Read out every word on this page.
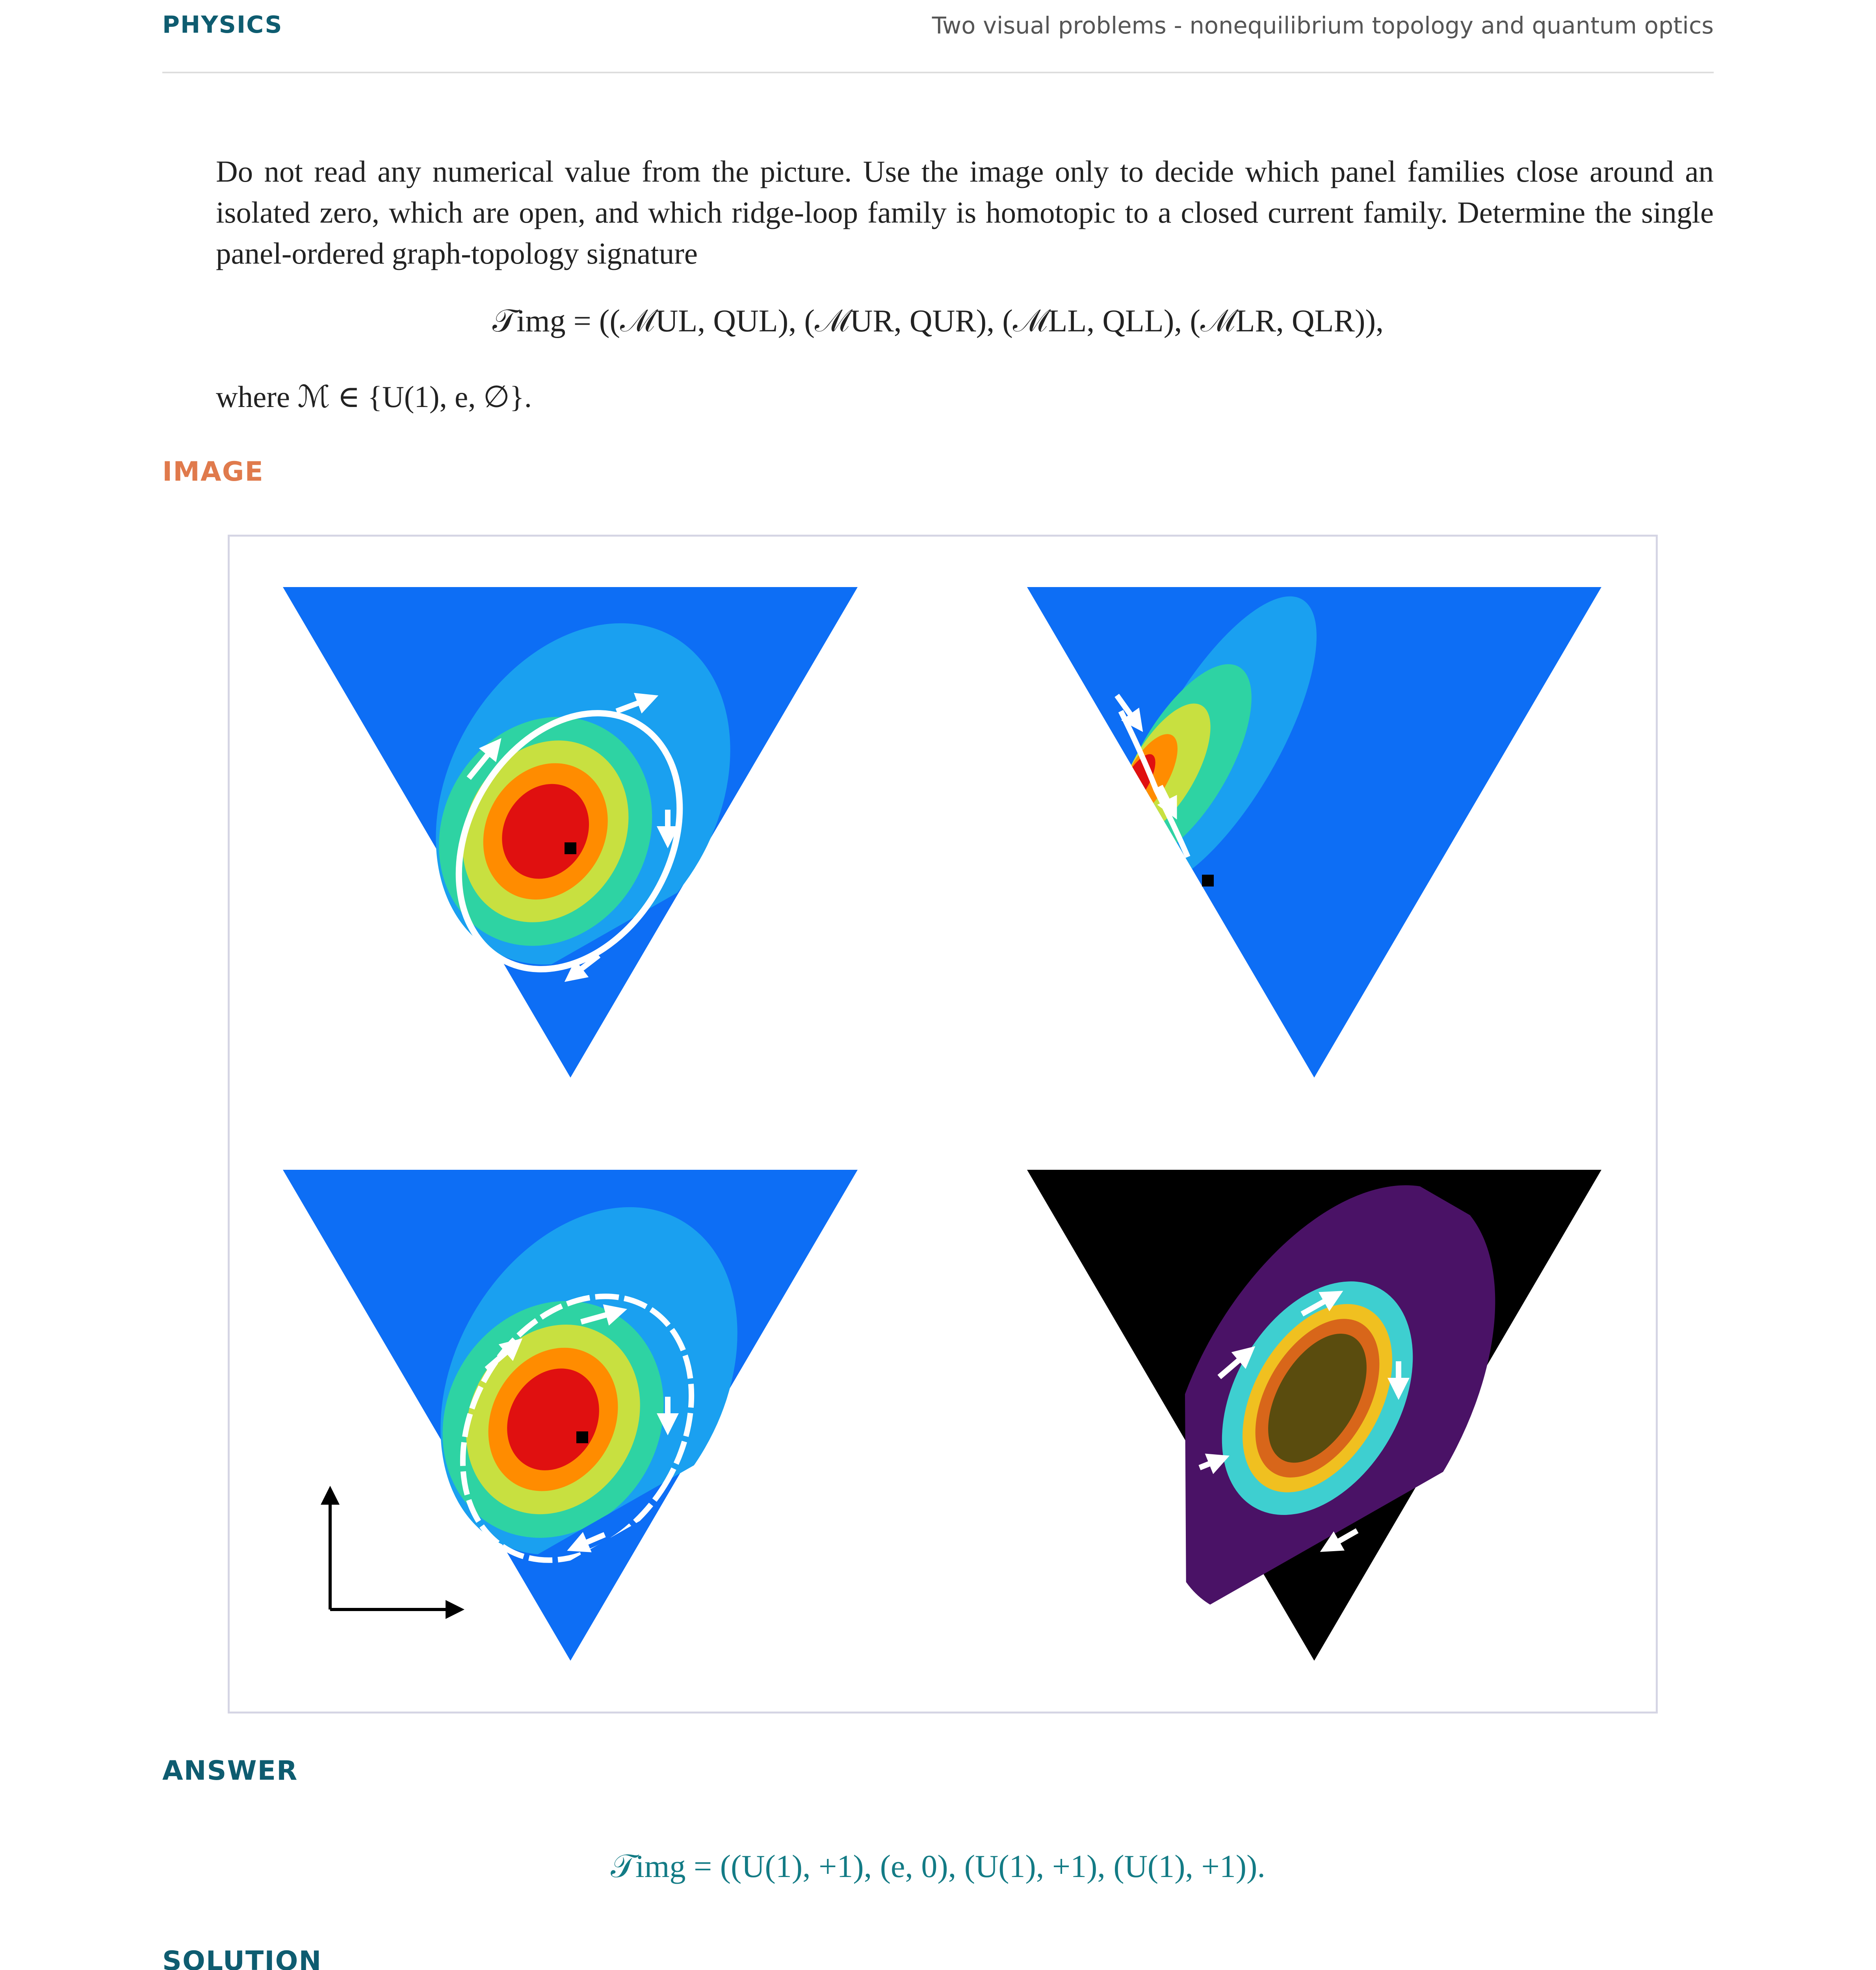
PHYSICS	Two visual problems - nonequilibrium topology and quantum optics
Do not read any numerical value from the picture. Use the image only to decide which panel families close around an isolated zero, which are open, and which ridge-loop family is homotopic to a closed current family. Determine the single panel-ordered graph-topology signature
𝒯img = ((ℳUL, QUL), (ℳUR, QUR), (ℳLL, QLL), (ℳLR, QLR)),
where ℳ ∈ {U(1), e, ∅}.
IMAGE
ANSWER
𝒯img = ((U(1), +1), (e, 0), (U(1), +1), (U(1), +1)).
SOLUTION
